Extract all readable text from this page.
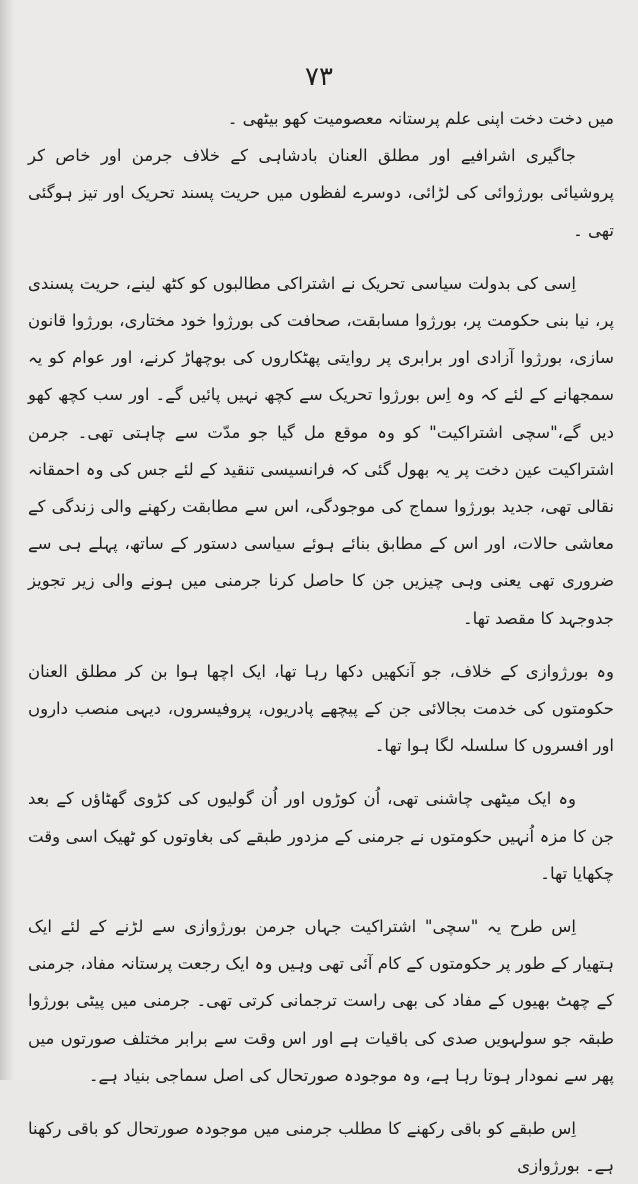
۷۳

میں دخت دخت اپنی علم پرستانہ معصومیت کھو بیٹھی ۔

جاگیری اشرافیے اور مطلق العنان بادشاہی کے خلاف جرمن اور خاص کر پروشیائی بورژوائی کی لڑائی، دوسرے لفظوں میں حریت پسند تحریک اور تیز ہوگئی تھی ۔

اِسی کی بدولت سیاسی تحریک نے اشتراکی مطالبوں کو کٹھ لینے، حریت پسندی پر، نیا بنی حکومت پر، بورژوا مسابقت، صحافت کی بورژوا خود مختاری، بورژوا قانون سازی، بورژوا آزادی اور برابری پر روایتی پھٹکاروں کی بوچھاڑ کرنے، اور عوام کو یہ سمجھانے کے لئے کہ وہ اِس بورژوا تحریک سے کچھ نہیں پائیں گے۔ اور سب کچھ کھو دیں گے،"سچی اشتراکیت" کو وہ موقع مل گیا جو مدّت سے چاہتی تھی۔ جرمن اشتراکیت عین دخت پر یہ بھول گئی کہ فرانسیسی تنقید کے لئے جس کی وہ احمقانہ نقالی تھی، جدید بورژوا سماج کی موجودگی، اس سے مطابقت رکھنے والی زندگی کے معاشی حالات، اور اس کے مطابق بنائے ہوئے سیاسی دستور کے ساتھ، پہلے ہی سے ضروری تھی یعنی وہی چیزیں جن کا حاصل کرنا جرمنی میں ہونے والی زیر تجویز جدوجہد کا مقصد تھا۔

وہ بورژوازی کے خلاف، جو آنکھیں دکھا رہا تھا، ایک اچھا ہوا بن کر مطلق العنان حکومتوں کی خدمت بجالائی جن کے پیچھے پادریوں، پروفیسروں، دیہی منصب داروں اور افسروں کا سلسلہ لگا ہوا تھا۔

وہ ایک میٹھی چاشنی تھی، اُن کوڑوں اور اُن گولیوں کی کڑوی گھٹاؤں کے بعد جن کا مزہ اُنہیں حکومتوں نے جرمنی کے مزدور طبقے کی بغاوتوں کو ٹھیک اسی وقت چکھایا تھا۔

اِس طرح یہ "سچی" اشتراکیت جہاں جرمن بورژوازی سے لڑنے کے لئے ایک ہتھیار کے طور پر حکومتوں کے کام آئی تھی وہیں وہ ایک رجعت پرستانہ مفاد، جرمنی کے چھٹ بھیوں کے مفاد کی بھی راست ترجمانی کرتی تھی۔ جرمنی میں پیٹی بورژوا طبقہ جو سولہویں صدی کی باقیات ہے اور اس وقت سے برابر مختلف صورتوں میں پھر سے نمودار ہوتا رہا ہے، وہ موجودہ صورتحال کی اصل سماجی بنیاد ہے۔

اِس طبقے کو باقی رکھنے کا مطلب جرمنی میں موجودہ صورتحال کو باقی رکھنا ہے۔ بورژوازی
